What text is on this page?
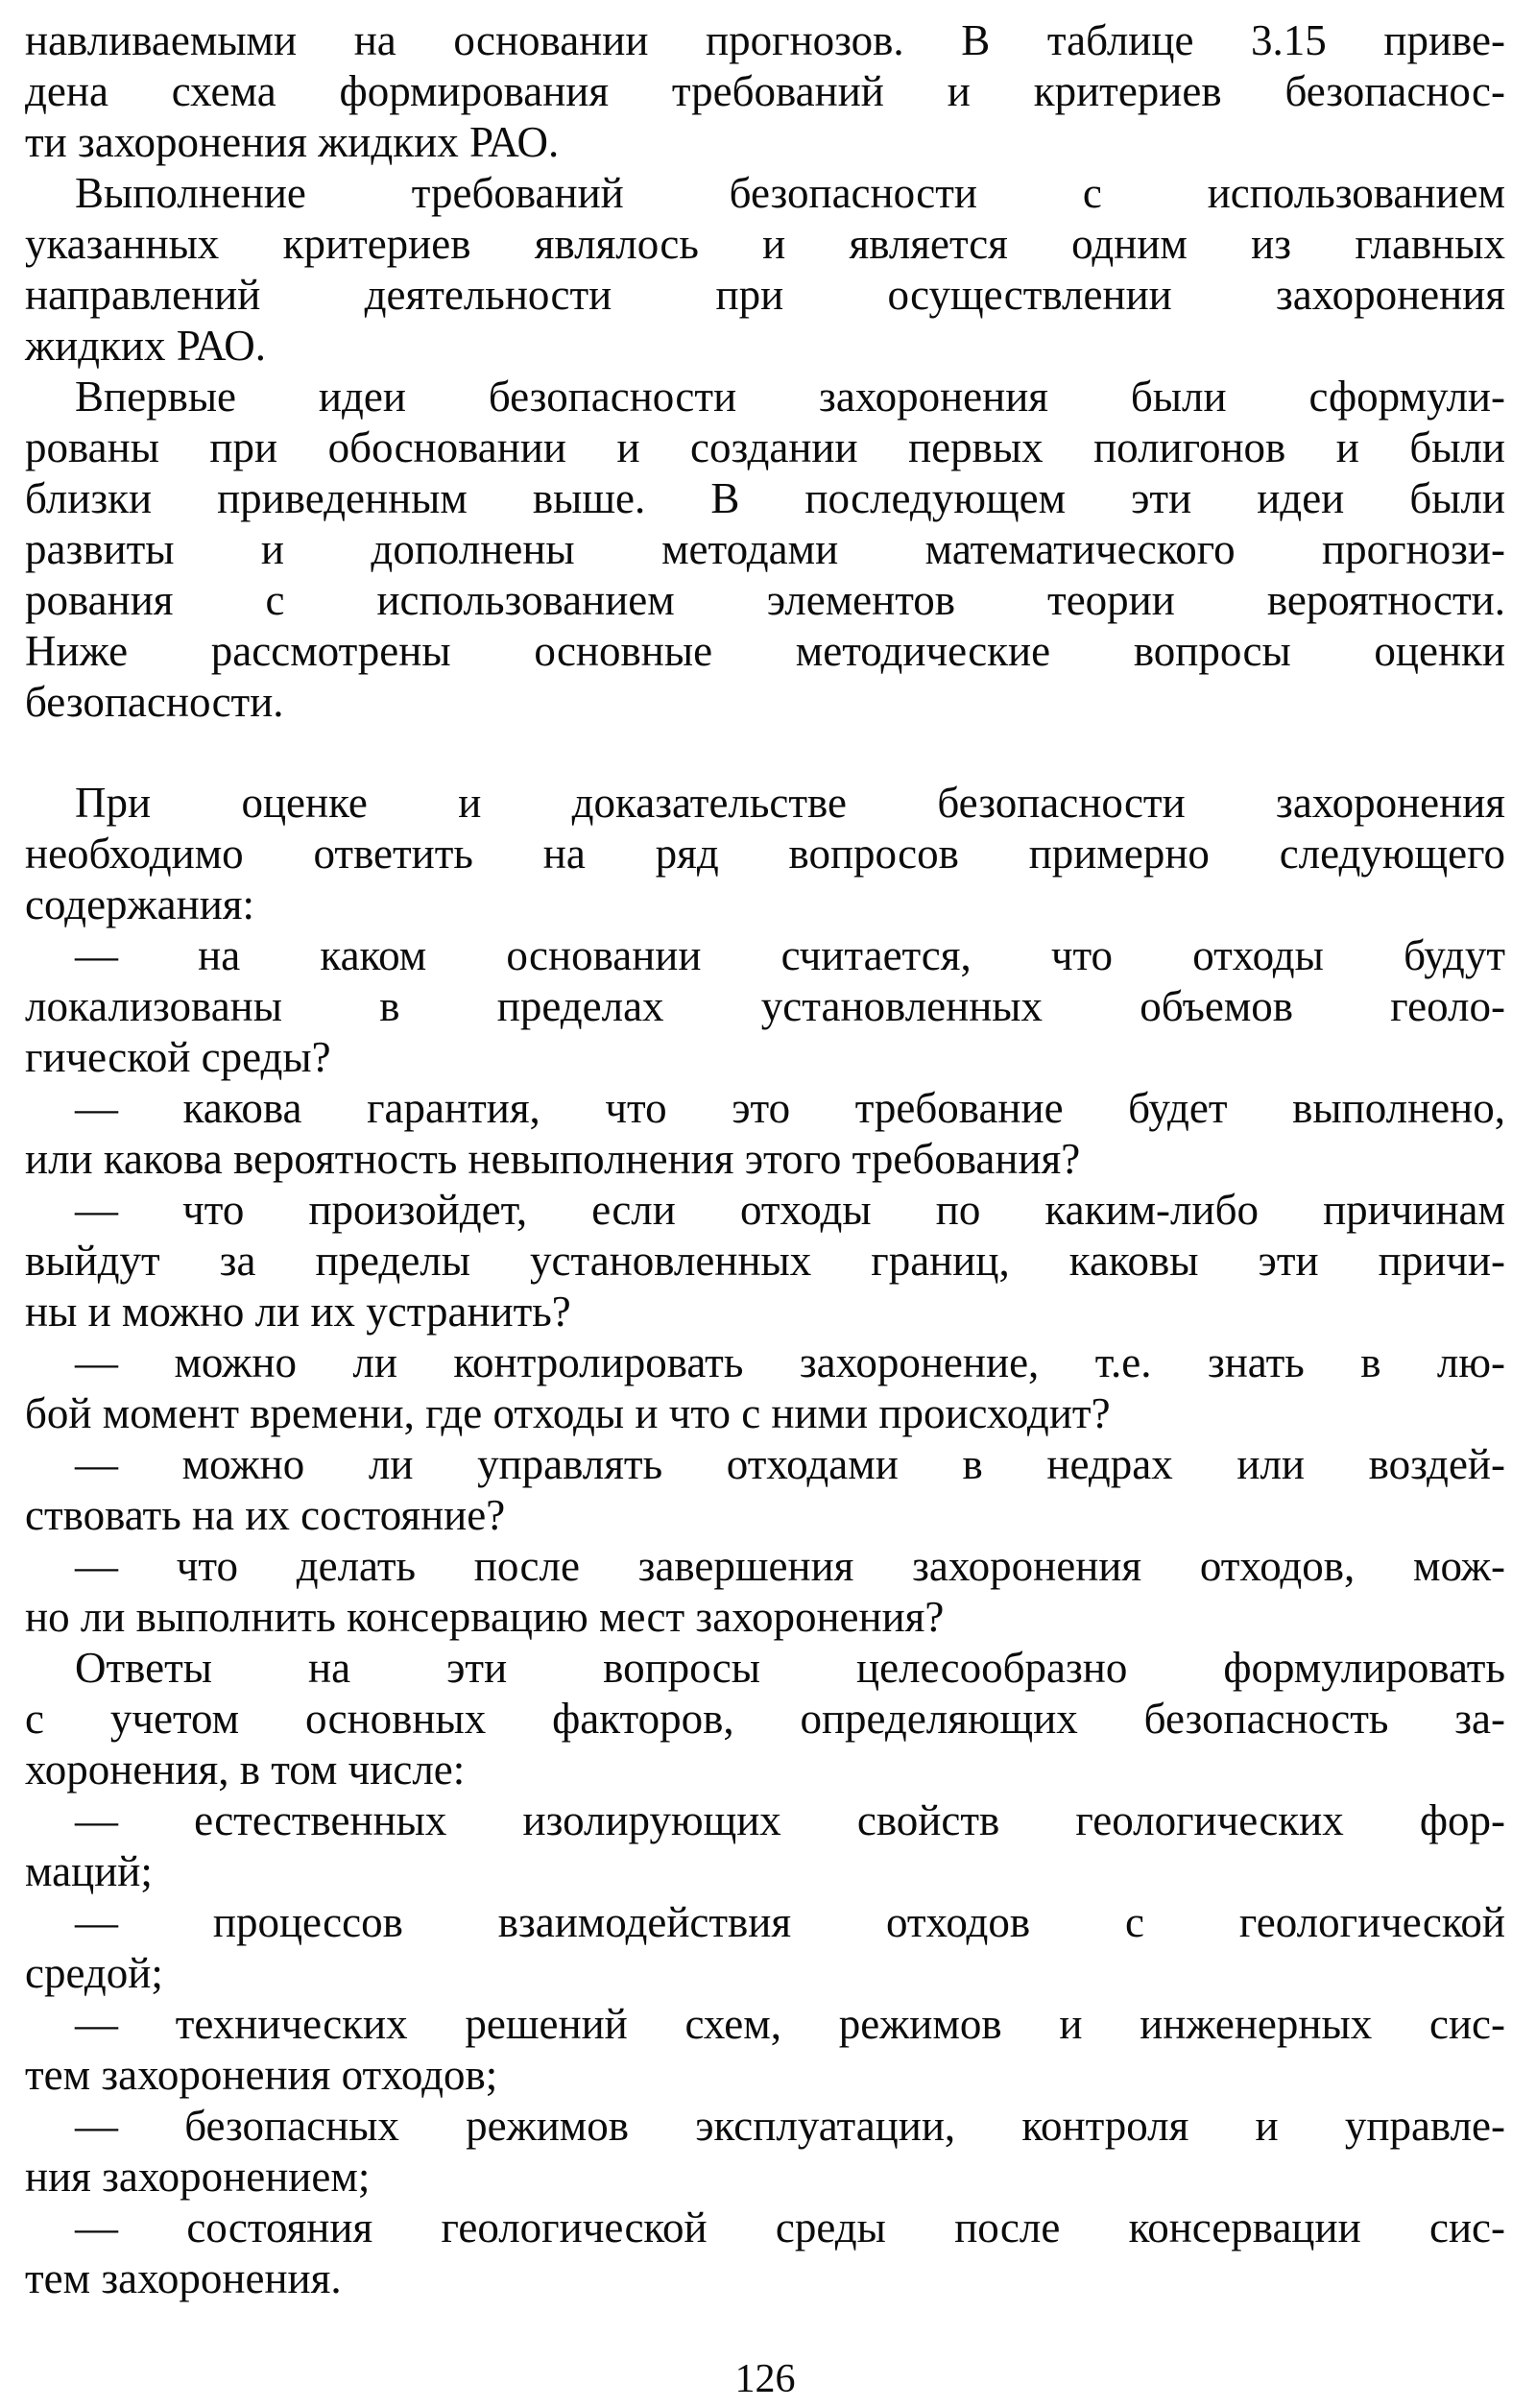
навливаемыми на основании прогнозов. В таблице 3.15 приве-
дена схема формирования требований и критериев безопаснос-
ти захоронения жидких РАО.
Выполнение требований безопасности с использованием
указанных критериев являлось и является одним из главных
направлений деятельности при осуществлении захоронения
жидких РАО.
Впервые идеи безопасности захоронения были сформули-
рованы при обосновании и создании первых полигонов и были
близки приведенным выше. В последующем эти идеи были
развиты и дополнены методами математического прогнози-
рования с использованием элементов теории вероятности.
Ниже рассмотрены основные методические вопросы оценки
безопасности.
При оценке и доказательстве безопасности захоронения
необходимо ответить на ряд вопросов примерно следующего
содержания:
— на каком основании считается, что отходы будут
локализованы в пределах установленных объемов геоло-
гической среды?
— какова гарантия, что это требование будет выполнено,
или какова вероятность невыполнения этого требования?
— что произойдет, если отходы по каким-либо причинам
выйдут за пределы установленных границ, каковы эти причи-
ны и можно ли их устранить?
— можно ли контролировать захоронение, т.е. знать в лю-
бой момент времени, где отходы и что с ними происходит?
— можно ли управлять отходами в недрах или воздей-
ствовать на их состояние?
— что делать после завершения захоронения отходов, мож-
но ли выполнить консервацию мест захоронения?
Ответы на эти вопросы целесообразно формулировать
с учетом основных факторов, определяющих безопасность за-
хоронения, в том числе:
— естественных изолирующих свойств геологических фор-
маций;
— процессов взаимодействия отходов с геологической
средой;
— технических решений схем, режимов и инженерных сис-
тем захоронения отходов;
— безопасных режимов эксплуатации, контроля и управле-
ния захоронением;
— состояния геологической среды после консервации сис-
тем захоронения.
126
